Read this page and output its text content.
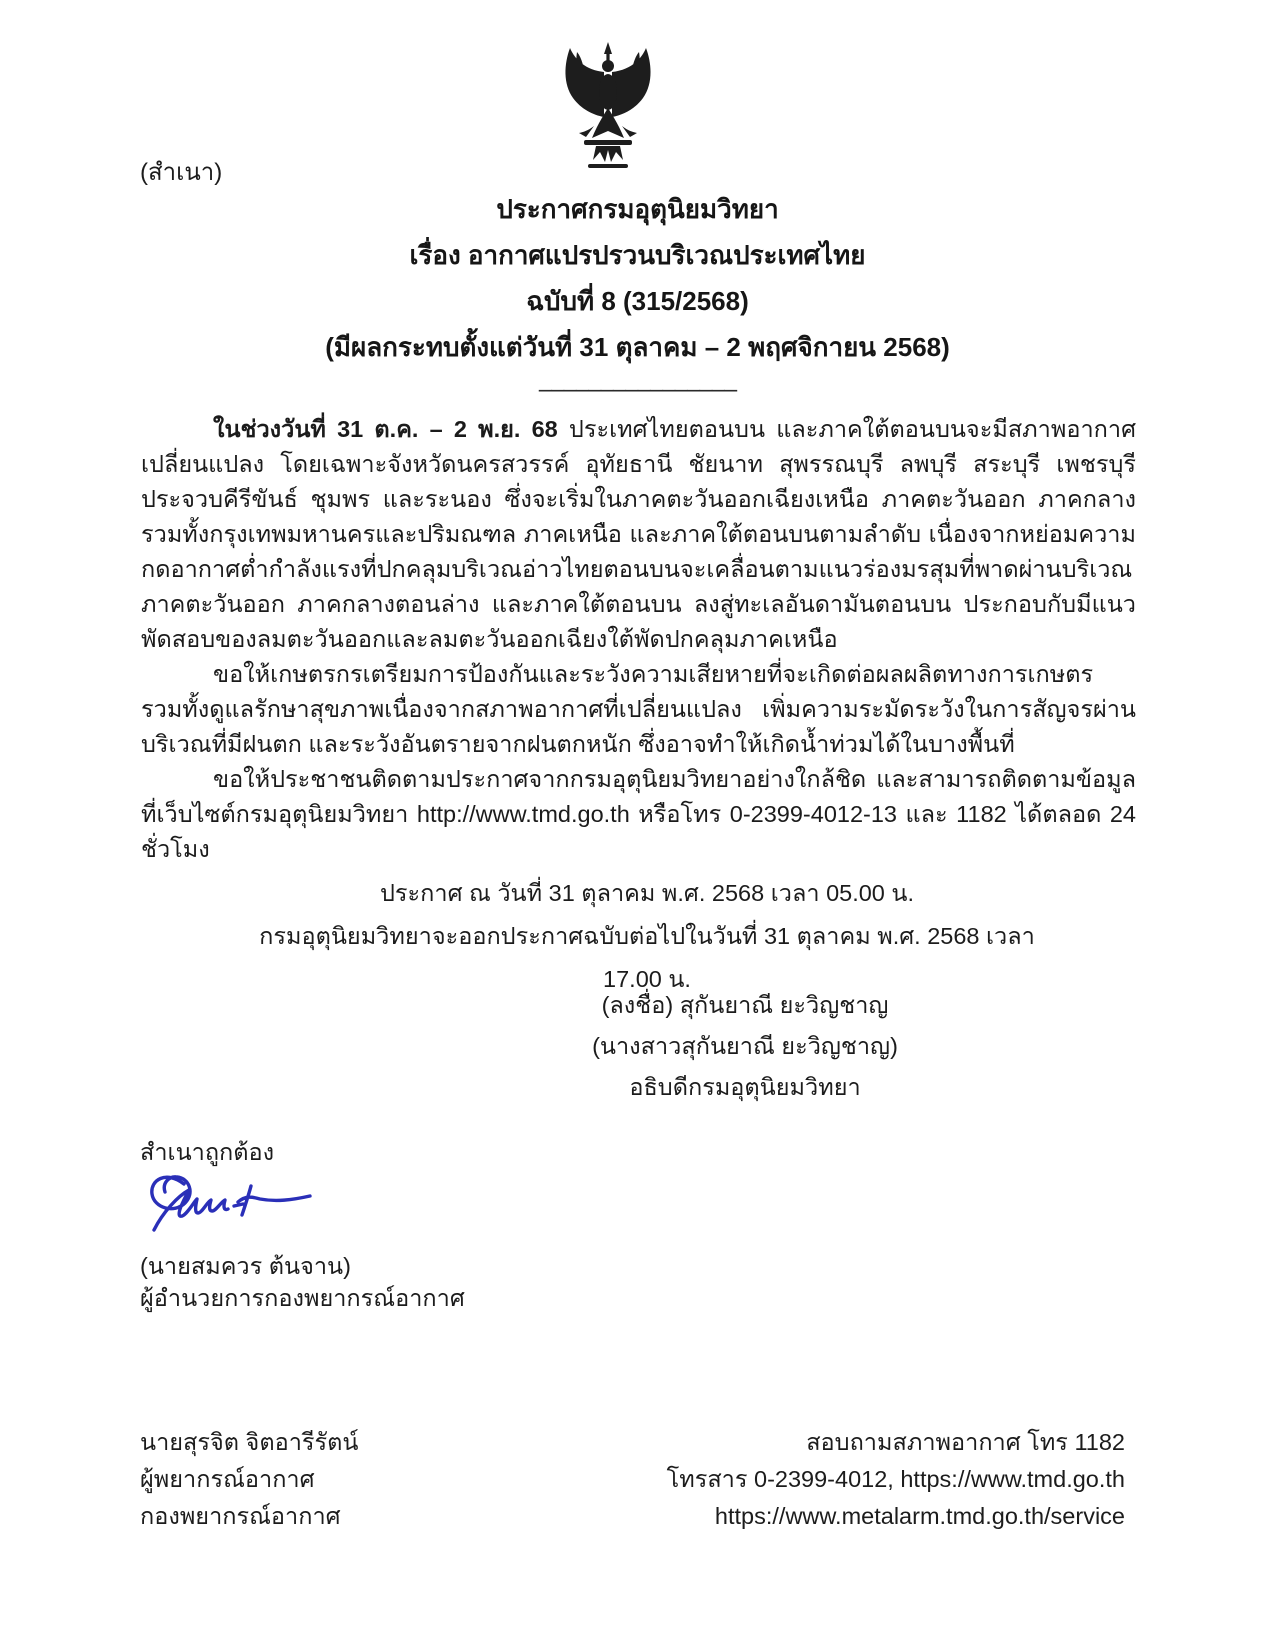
(สำเนา)
ประกาศกรมอุตุนิยมวิทยา
เรื่อง อากาศแปรปรวนบริเวณประเทศไทย
ฉบับที่ 8 (315/2568)
(มีผลกระทบตั้งแต่วันที่ 31 ตุลาคม – 2 พฤศจิกายน 2568)
––––––––––––––––

ในช่วงวันที่ 31 ต.ค. – 2 พ.ย. 68 ประเทศไทยตอนบน และภาคใต้ตอนบนจะมีสภาพอากาศเปลี่ยนแปลง โดยเฉพาะจังหวัดนครสวรรค์ อุทัยธานี ชัยนาท สุพรรณบุรี ลพบุรี สระบุรี เพชรบุรี ประจวบคีรีขันธ์ ชุมพร และระนอง ซึ่งจะเริ่มในภาคตะวันออกเฉียงเหนือ ภาคตะวันออก ภาคกลาง รวมทั้งกรุงเทพมหานครและปริมณฑล ภาคเหนือ และภาคใต้ตอนบนตามลำดับ เนื่องจากหย่อมความกดอากาศต่ำกำลังแรงที่ปกคลุมบริเวณอ่าวไทยตอนบนจะเคลื่อนตามแนวร่องมรสุมที่พาดผ่านบริเวณภาคตะวันออก ภาคกลางตอนล่าง และภาคใต้ตอนบน ลงสู่ทะเลอันดามันตอนบน ประกอบกับมีแนวพัดสอบของลมตะวันออกและลมตะวันออกเฉียงใต้พัดปกคลุมภาคเหนือ

ขอให้เกษตรกรเตรียมการป้องกันและระวังความเสียหายที่จะเกิดต่อผลผลิตทางการเกษตร รวมทั้งดูแลรักษาสุขภาพเนื่องจากสภาพอากาศที่เปลี่ยนแปลง เพิ่มความระมัดระวังในการสัญจรผ่านบริเวณที่มีฝนตก และระวังอันตรายจากฝนตกหนัก ซึ่งอาจทำให้เกิดน้ำท่วมได้ในบางพื้นที่

ขอให้ประชาชนติดตามประกาศจากกรมอุตุนิยมวิทยาอย่างใกล้ชิด และสามารถติดตามข้อมูลที่เว็บไซต์กรมอุตุนิยมวิทยา http://www.tmd.go.th หรือโทร 0-2399-4012-13 และ 1182 ได้ตลอด 24 ชั่วโมง

ประกาศ ณ วันที่ 31 ตุลาคม พ.ศ. 2568 เวลา 05.00 น.
กรมอุตุนิยมวิทยาจะออกประกาศฉบับต่อไปในวันที่ 31 ตุลาคม พ.ศ. 2568 เวลา 17.00 น.
(ลงชื่อ) สุกันยาณี ยะวิญชาญ
(นางสาวสุกันยาณี ยะวิญชาญ)
อธิบดีกรมอุตุนิยมวิทยา
สำเนาถูกต้อง
(นายสมควร ต้นจาน)
ผู้อำนวยการกองพยากรณ์อากาศ
นายสุรจิต จิตอารีรัตน์
ผู้พยากรณ์อากาศ
กองพยากรณ์อากาศ
สอบถามสภาพอากาศ โทร 1182
โทรสาร 0-2399-4012, https://www.tmd.go.th
https://www.metalarm.tmd.go.th/service
